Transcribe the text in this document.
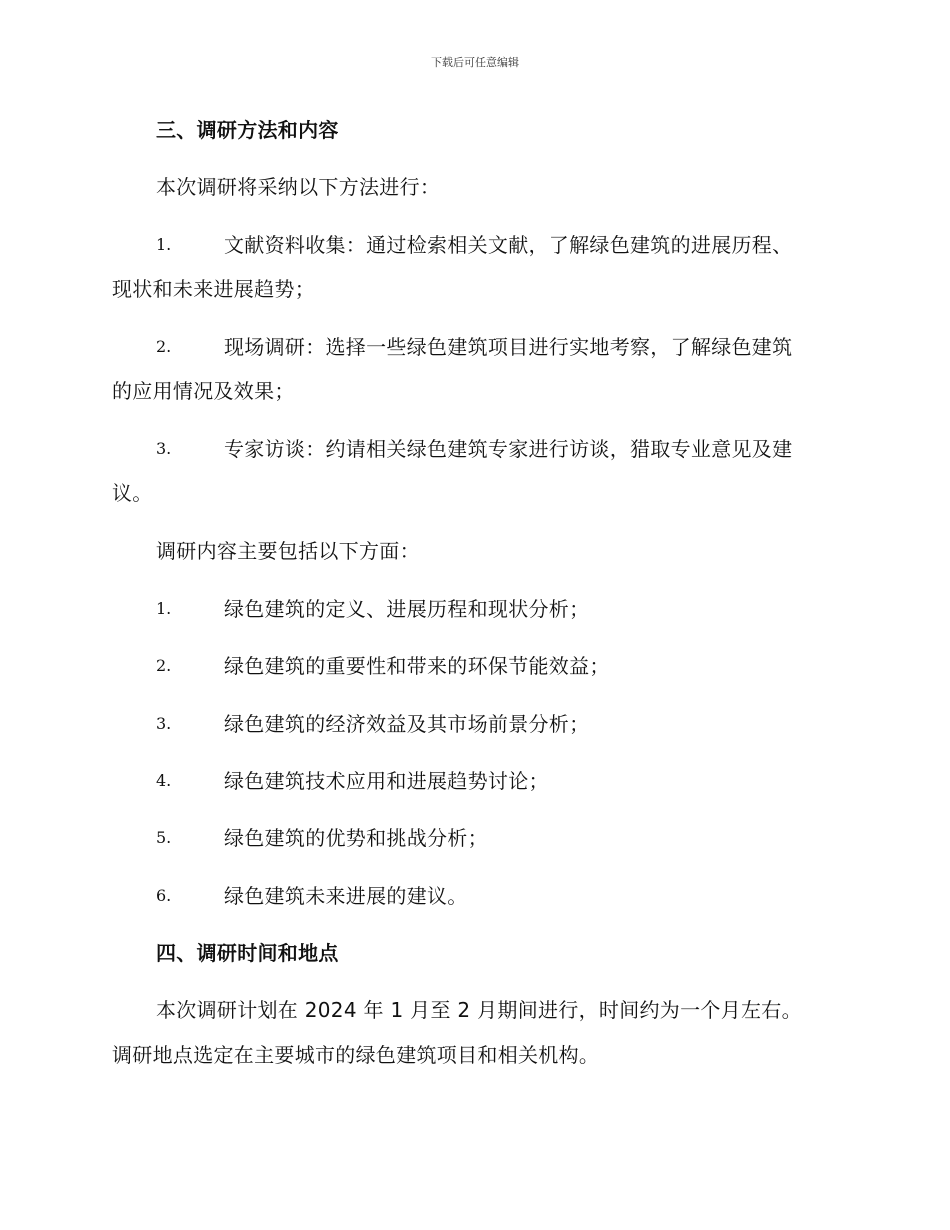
下载后可任意编辑
三、调研方法和内容
本次调研将采纳以下方法进行：
1.	文献资料收集：通过检索相关文献，了解绿色建筑的进展历程、
现状和未来进展趋势；
2.	现场调研：选择一些绿色建筑项目进行实地考察，了解绿色建筑
的应用情况及效果；
3.	专家访谈：约请相关绿色建筑专家进行访谈，猎取专业意见及建
议。
调研内容主要包括以下方面：
1.	绿色建筑的定义、进展历程和现状分析；
2.	绿色建筑的重要性和带来的环保节能效益；
3.	绿色建筑的经济效益及其市场前景分析；
4.	绿色建筑技术应用和进展趋势讨论；
5.	绿色建筑的优势和挑战分析；
6.	绿色建筑未来进展的建议。
四、调研时间和地点
本次调研计划在 2024 年 1 月至 2 月期间进行，时间约为一个月左右。
调研地点选定在主要城市的绿色建筑项目和相关机构。
